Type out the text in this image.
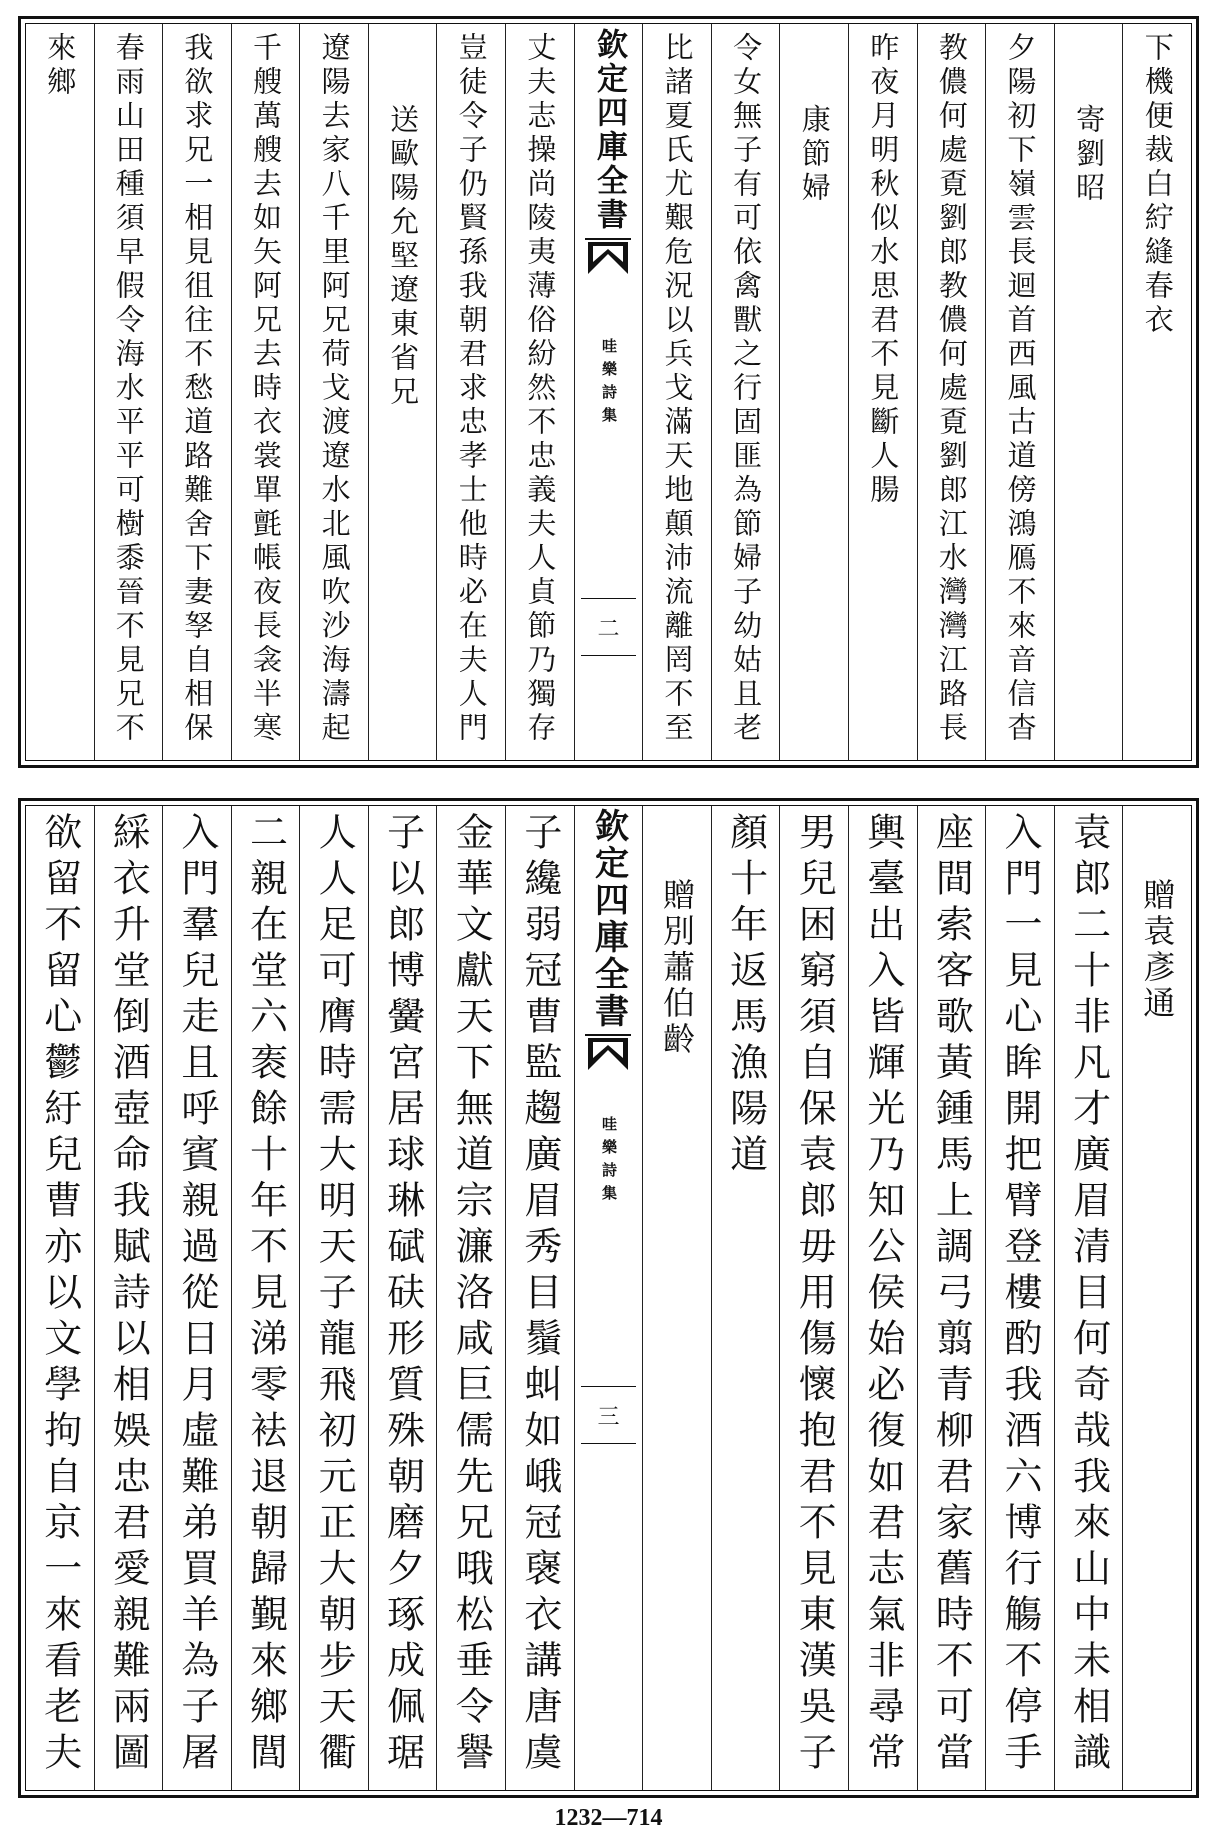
下機便裁白紵縫春衣
寄劉昭
夕陽初下嶺雲長迴首西風古道傍鴻鴈不來音信杳
教儂何處覔劉郎教儂何處覔劉郎江水灣灣江路長
昨夜月明秋似水思君不見斷人腸
康節婦
令女無子有可依禽獸之行固匪為節婦子幼姑且老
比諸夏氏尤艱危況以兵戈滿天地顛沛流離罔不至
欽定四庫全書
哇樂詩集
二
丈夫志操尚陵夷薄俗紛然不忠義夫人貞節乃獨存
豈徒令子仍賢孫我朝君求忠孝士他時必在夫人門
送歐陽允堅遼東省兄
遼陽去家八千里阿兄荷戈渡遼水北風吹沙海濤起
千艘萬艘去如矢阿兄去時衣裳單氈帳夜長衾半寒
我欲求兄一相見徂往不愁道路難舍下妻孥自相保
春雨山田種須早假令海水平平可樹黍晉不見兄不
來鄉
贈袁彥通
袁郎二十非凡才廣眉清目何奇哉我來山中未相識
入門一見心眸開把臂登樓酌我酒六博行觴不停手
座間索客歌黃鍾馬上調弓翦青柳君家舊時不可當
輿臺出入皆輝光乃知公侯始必復如君志氣非尋常
男兒困窮須自保袁郎毋用傷懷抱君不見東漢吳子
顏十年返馬漁陽道
贈別蕭伯齡
欽定四庫全書
哇樂詩集
三
子纔弱冠曹監趨廣眉秀目鬚虯如峨冠襃衣講唐虞
金華文獻天下無道宗濂洛咸巨儒先兄哦松垂令譽
子以郎博黌宮居球琳碔砆形質殊朝磨夕琢成佩琚
人人足可膺時需大明天子龍飛初元正大朝步天衢
二親在堂六袠餘十年不見涕零袪退朝歸覲來鄉閭
入門羣兒走且呼賓親過從日月虛難弟買羊為子屠
綵衣升堂倒酒壺命我賦詩以相娛忠君愛親難兩圖
欲留不留心鬱紆兒曹亦以文學拘自京一來看老夫
1232—714
